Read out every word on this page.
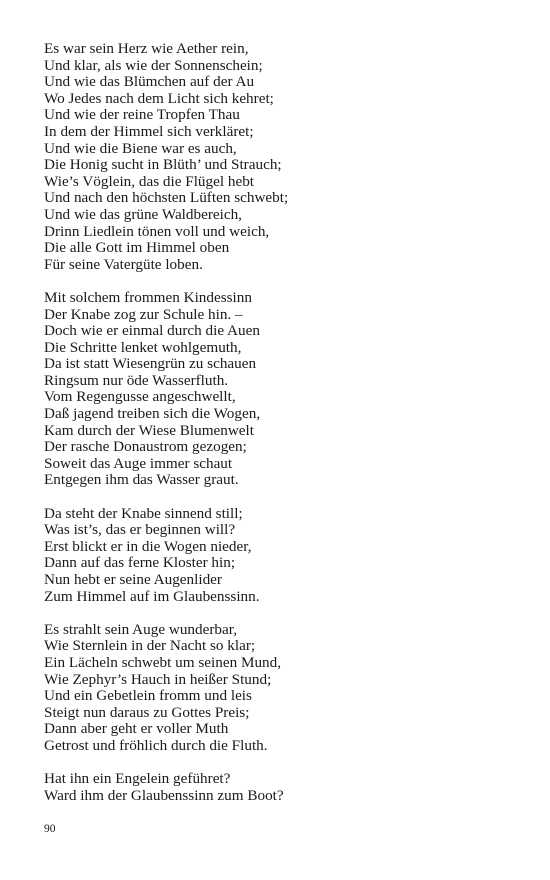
Es war sein Herz wie Aether rein,
Und klar, als wie der Sonnenschein;
Und wie das Blümchen auf der Au
Wo Jedes nach dem Licht sich kehret;
Und wie der reine Tropfen Thau
In dem der Himmel sich verkläret;
Und wie die Biene war es auch,
Die Honig sucht in Blüth’ und Strauch;
Wie’s Vöglein, das die Flügel hebt
Und nach den höchsten Lüften schwebt;
Und wie das grüne Waldbereich,
Drinn Liedlein tönen voll und weich,
Die alle Gott im Himmel oben
Für seine Vatergüte loben.
Mit solchem frommen Kindessinn
Der Knabe zog zur Schule hin. –
Doch wie er einmal durch die Auen
Die Schritte lenket wohlgemuth,
Da ist statt Wiesengrün zu schauen
Ringsum nur öde Wasserfluth.
Vom Regengusse angeschwellt,
Daß jagend treiben sich die Wogen,
Kam durch der Wiese Blumenwelt
Der rasche Donaustrom gezogen;
Soweit das Auge immer schaut
Entgegen ihm das Wasser graut.
Da steht der Knabe sinnend still;
Was ist’s, das er beginnen will?
Erst blickt er in die Wogen nieder,
Dann auf das ferne Kloster hin;
Nun hebt er seine Augenlider
Zum Himmel auf im Glaubenssinn.
Es strahlt sein Auge wunderbar,
Wie Sternlein in der Nacht so klar;
Ein Lächeln schwebt um seinen Mund,
Wie Zephyr’s Hauch in heißer Stund;
Und ein Gebetlein fromm und leis
Steigt nun daraus zu Gottes Preis;
Dann aber geht er voller Muth
Getrost und fröhlich durch die Fluth.
Hat ihn ein Engelein geführet?
Ward ihm der Glaubenssinn zum Boot?
90
